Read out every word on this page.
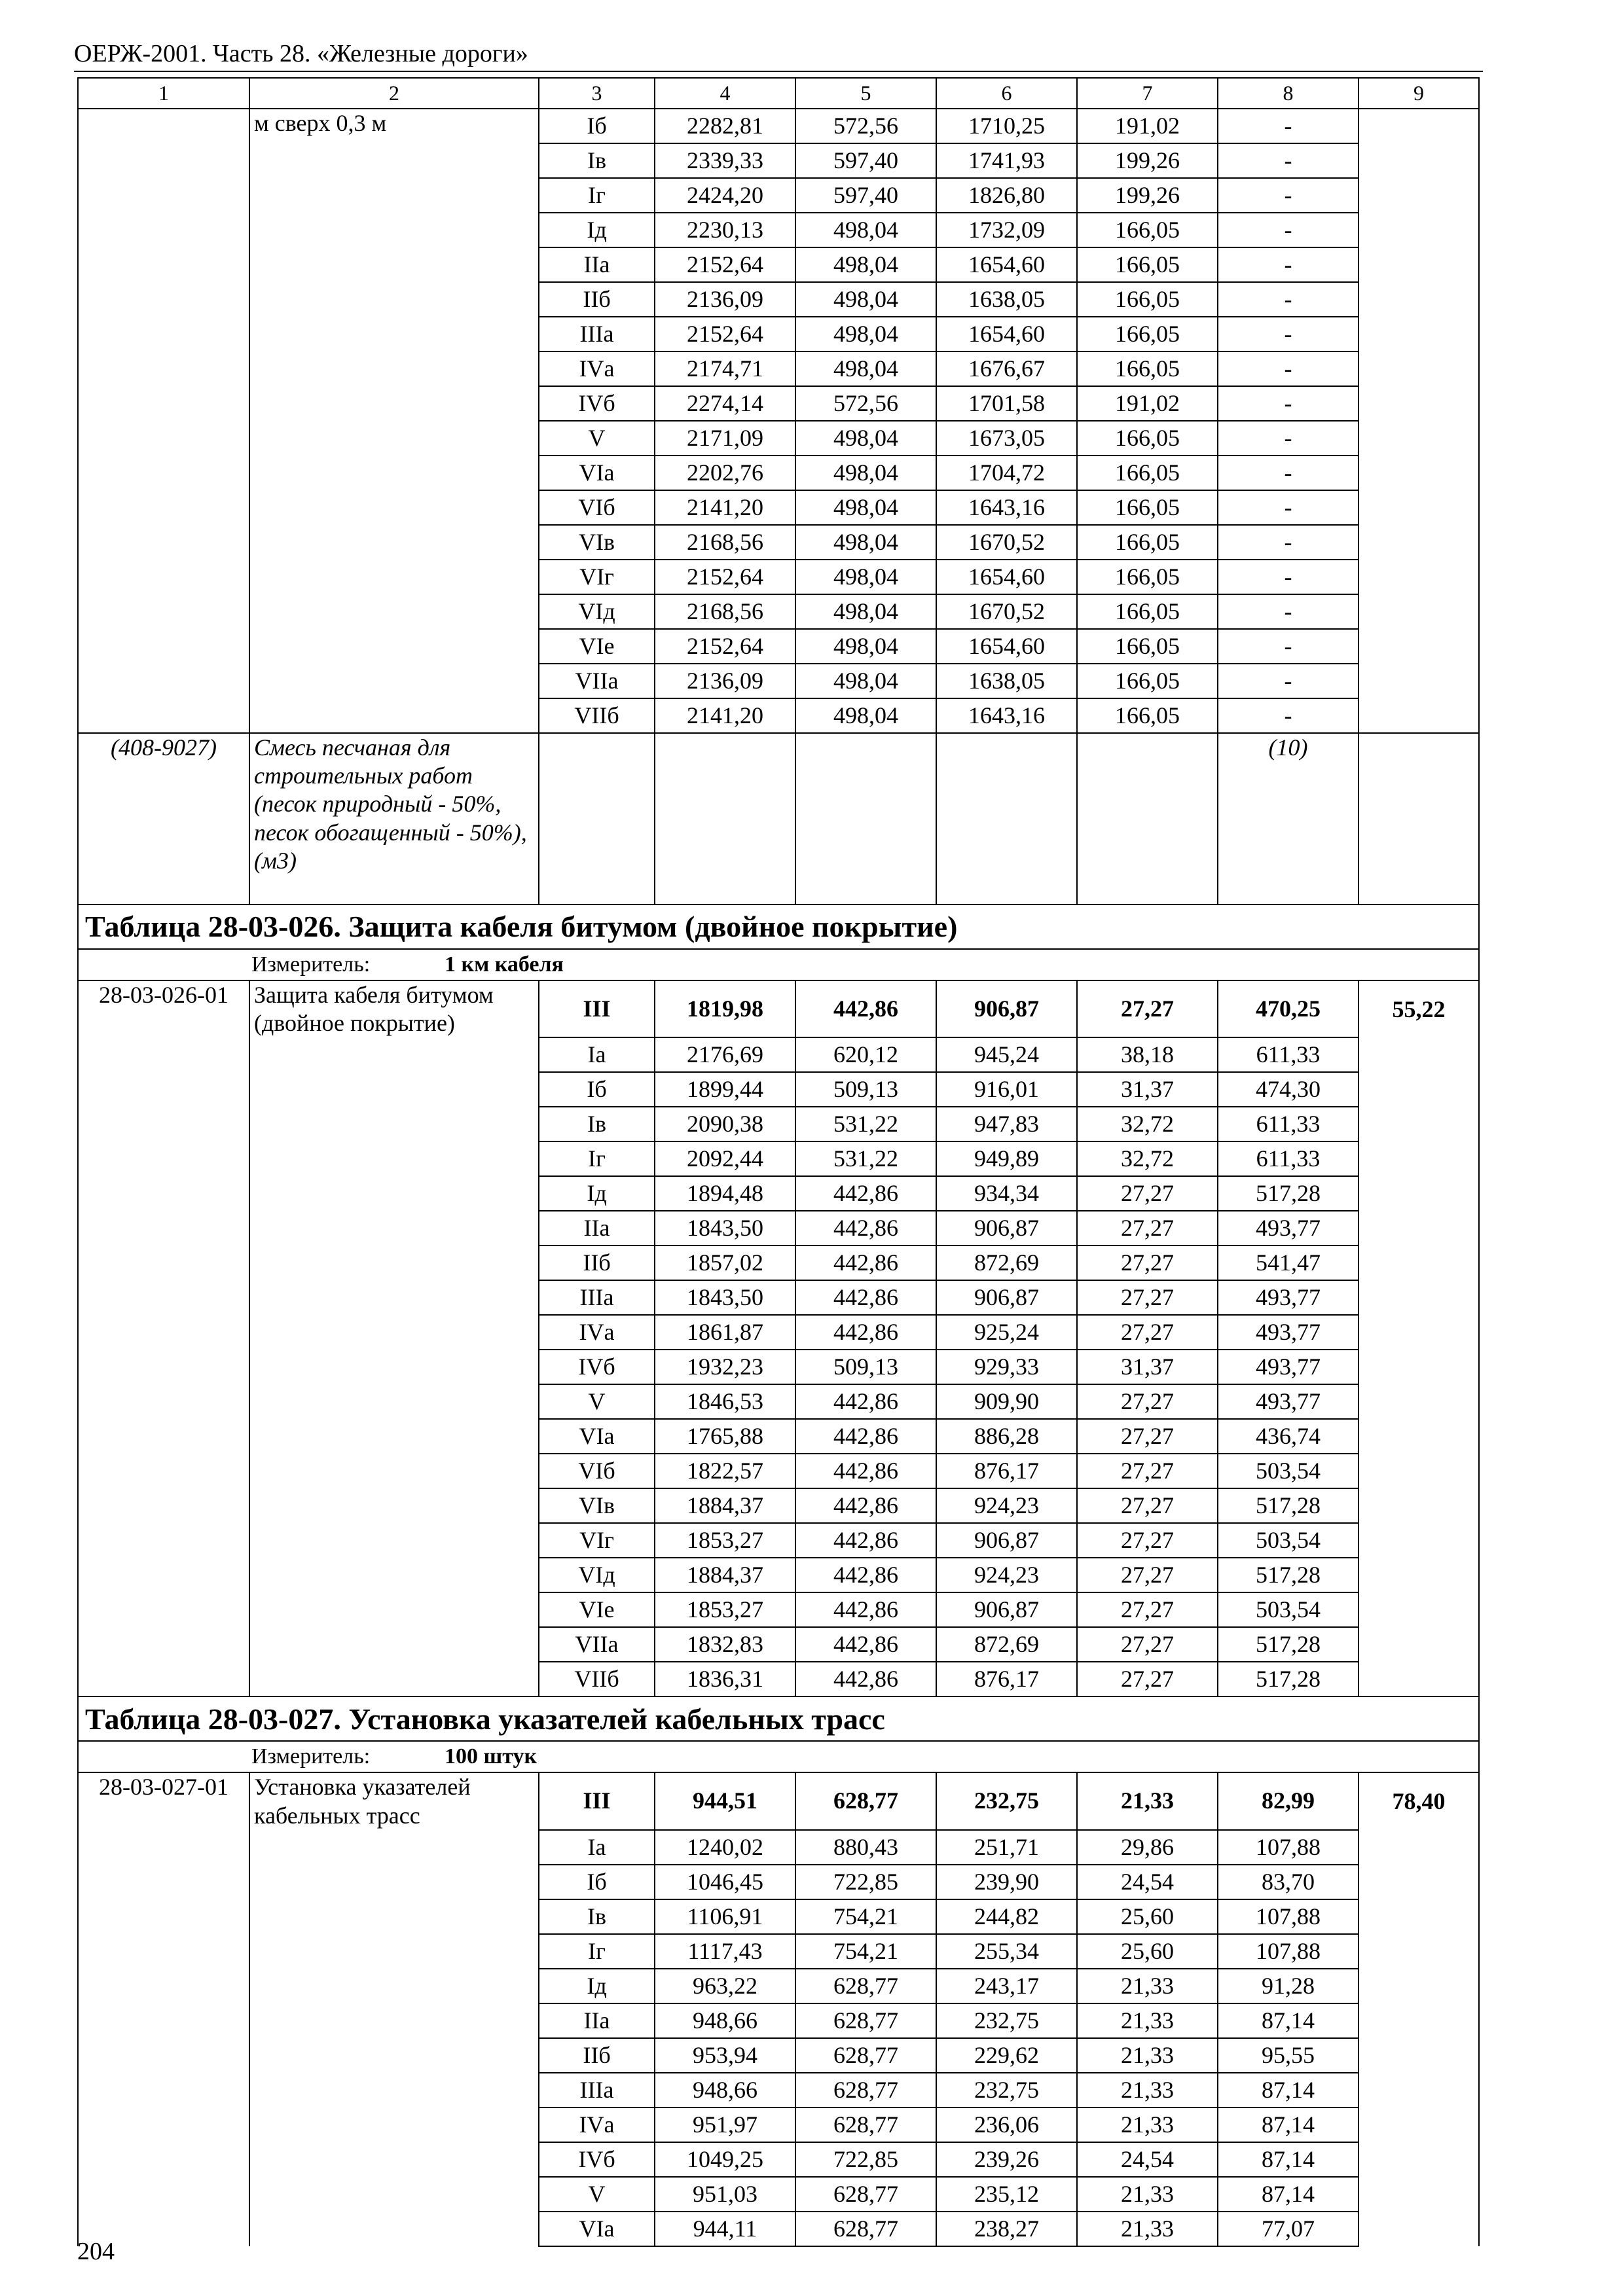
ОЕРЖ-2001. Часть 28. «Железные дороги»
1	2	3	4	5	6	7	8	9
	м сверх 0,3 м	Iб	2282,81	572,56	1710,25	191,02	-	
		Iв	2339,33	597,40	1741,93	199,26	-	
		Iг	2424,20	597,40	1826,80	199,26	-	
		Iд	2230,13	498,04	1732,09	166,05	-	
		IIа	2152,64	498,04	1654,60	166,05	-	
		IIб	2136,09	498,04	1638,05	166,05	-	
		IIIа	2152,64	498,04	1654,60	166,05	-	
		IVа	2174,71	498,04	1676,67	166,05	-	
		IVб	2274,14	572,56	1701,58	191,02	-	
		V	2171,09	498,04	1673,05	166,05	-	
		VIа	2202,76	498,04	1704,72	166,05	-	
		VIб	2141,20	498,04	1643,16	166,05	-	
		VIв	2168,56	498,04	1670,52	166,05	-	
		VIг	2152,64	498,04	1654,60	166,05	-	
		VIд	2168,56	498,04	1670,52	166,05	-	
		VIе	2152,64	498,04	1654,60	166,05	-	
		VIIа	2136,09	498,04	1638,05	166,05	-	
		VIIб	2141,20	498,04	1643,16	166,05	-	
(408-9027)	Смесь песчаная для строительных работ (песок природный - 50%, песок обогащенный - 50%), (м3)						(10)	
Таблица 28-03-026. Защита кабеля битумом (двойное покрытие)								
Измеритель: 1 км кабеля								
28-03-026-01	Защита кабеля битумом (двойное покрытие)	III	1819,98	442,86	906,87	27,27	470,25	55,22
		Iа	2176,69	620,12	945,24	38,18	611,33	
		Iб	1899,44	509,13	916,01	31,37	474,30	
		Iв	2090,38	531,22	947,83	32,72	611,33	
		Iг	2092,44	531,22	949,89	32,72	611,33	
		Iд	1894,48	442,86	934,34	27,27	517,28	
		IIа	1843,50	442,86	906,87	27,27	493,77	
		IIб	1857,02	442,86	872,69	27,27	541,47	
		IIIа	1843,50	442,86	906,87	27,27	493,77	
		IVа	1861,87	442,86	925,24	27,27	493,77	
		IVб	1932,23	509,13	929,33	31,37	493,77	
		V	1846,53	442,86	909,90	27,27	493,77	
		VIа	1765,88	442,86	886,28	27,27	436,74	
		VIб	1822,57	442,86	876,17	27,27	503,54	
		VIв	1884,37	442,86	924,23	27,27	517,28	
		VIг	1853,27	442,86	906,87	27,27	503,54	
		VIд	1884,37	442,86	924,23	27,27	517,28	
		VIе	1853,27	442,86	906,87	27,27	503,54	
		VIIа	1832,83	442,86	872,69	27,27	517,28	
		VIIб	1836,31	442,86	876,17	27,27	517,28	
Таблица 28-03-027. Установка указателей кабельных трасс								
Измеритель: 100 штук								
28-03-027-01	Установка указателей кабельных трасс	III	944,51	628,77	232,75	21,33	82,99	78,40
		Iа	1240,02	880,43	251,71	29,86	107,88	
		Iб	1046,45	722,85	239,90	24,54	83,70	
		Iв	1106,91	754,21	244,82	25,60	107,88	
		Iг	1117,43	754,21	255,34	25,60	107,88	
		Iд	963,22	628,77	243,17	21,33	91,28	
		IIа	948,66	628,77	232,75	21,33	87,14	
		IIб	953,94	628,77	229,62	21,33	95,55	
		IIIа	948,66	628,77	232,75	21,33	87,14	
		IVа	951,97	628,77	236,06	21,33	87,14	
		IVб	1049,25	722,85	239,26	24,54	87,14	
		V	951,03	628,77	235,12	21,33	87,14	
		VIа	944,11	628,77	238,27	21,33	77,07	
204
